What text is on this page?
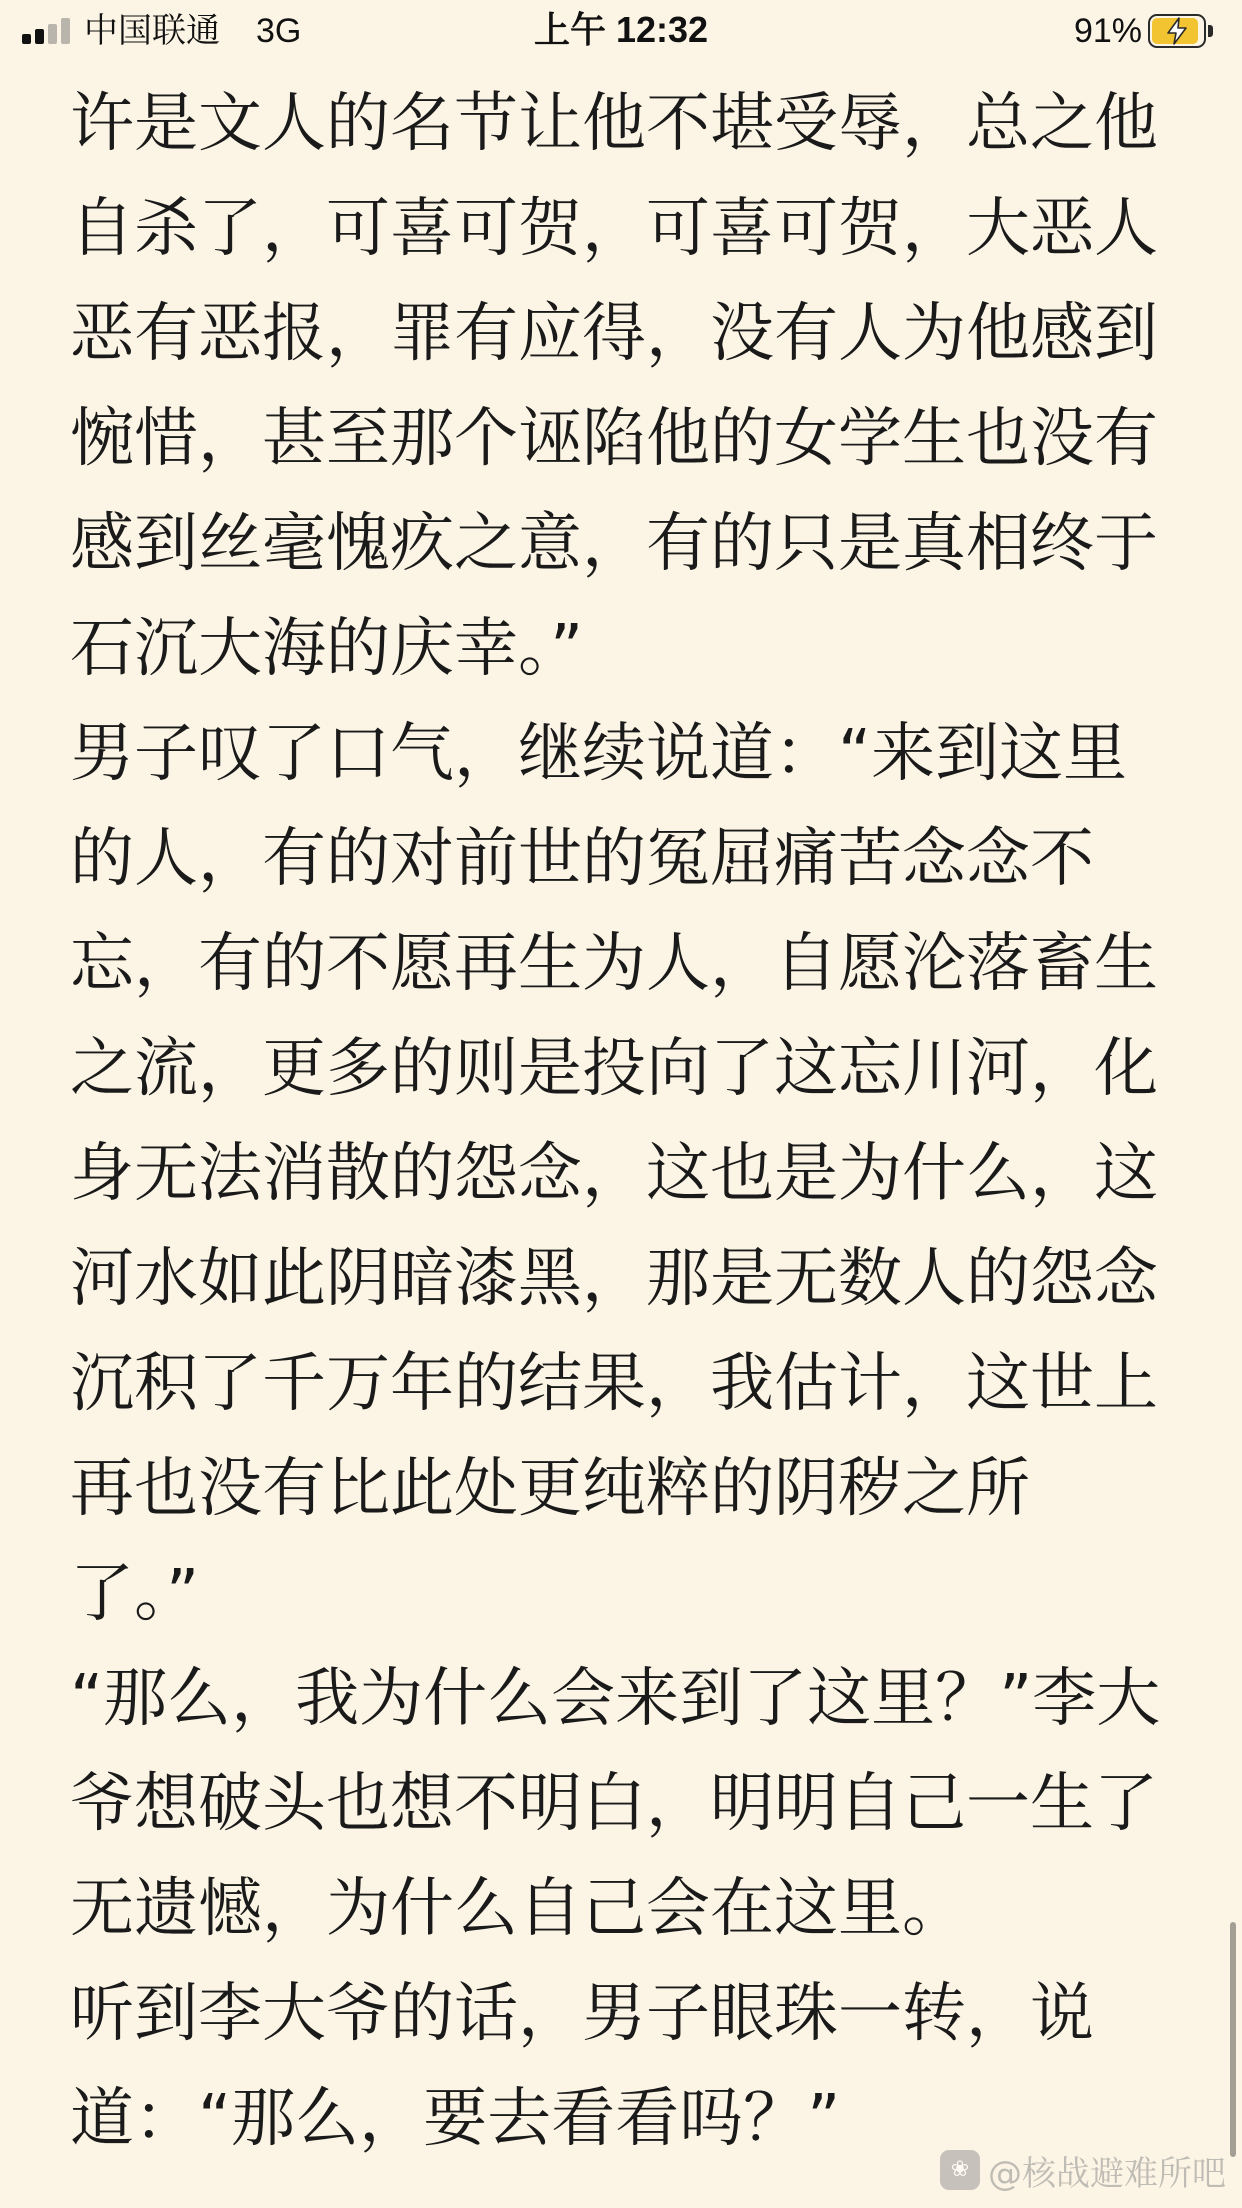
中国联通 3G	上午 12:32	91%
许是文人的名节让他不堪受辱，总之他
自杀了，可喜可贺，可喜可贺，大恶人
恶有恶报，罪有应得，没有人为他感到
惋惜，甚至那个诬陷他的女学生也没有
感到丝毫愧疚之意，有的只是真相终于
石沉大海的庆幸。”
男子叹了口气，继续说道：“来到这里
的人，有的对前世的冤屈痛苦念念不
忘，有的不愿再生为人，自愿沦落畜生
之流，更多的则是投向了这忘川河，化
身无法消散的怨念，这也是为什么，这
河水如此阴暗漆黑，那是无数人的怨念
沉积了千万年的结果，我估计，这世上
再也没有比此处更纯粹的阴秽之所
了。”
“那么，我为什么会来到了这里？”李大
爷想破头也想不明白，明明自己一生了
无遗憾，为什么自己会在这里。
听到李大爷的话，男子眼珠一转，说
道：“那么，要去看看吗？”
❀ @核战避难所吧
